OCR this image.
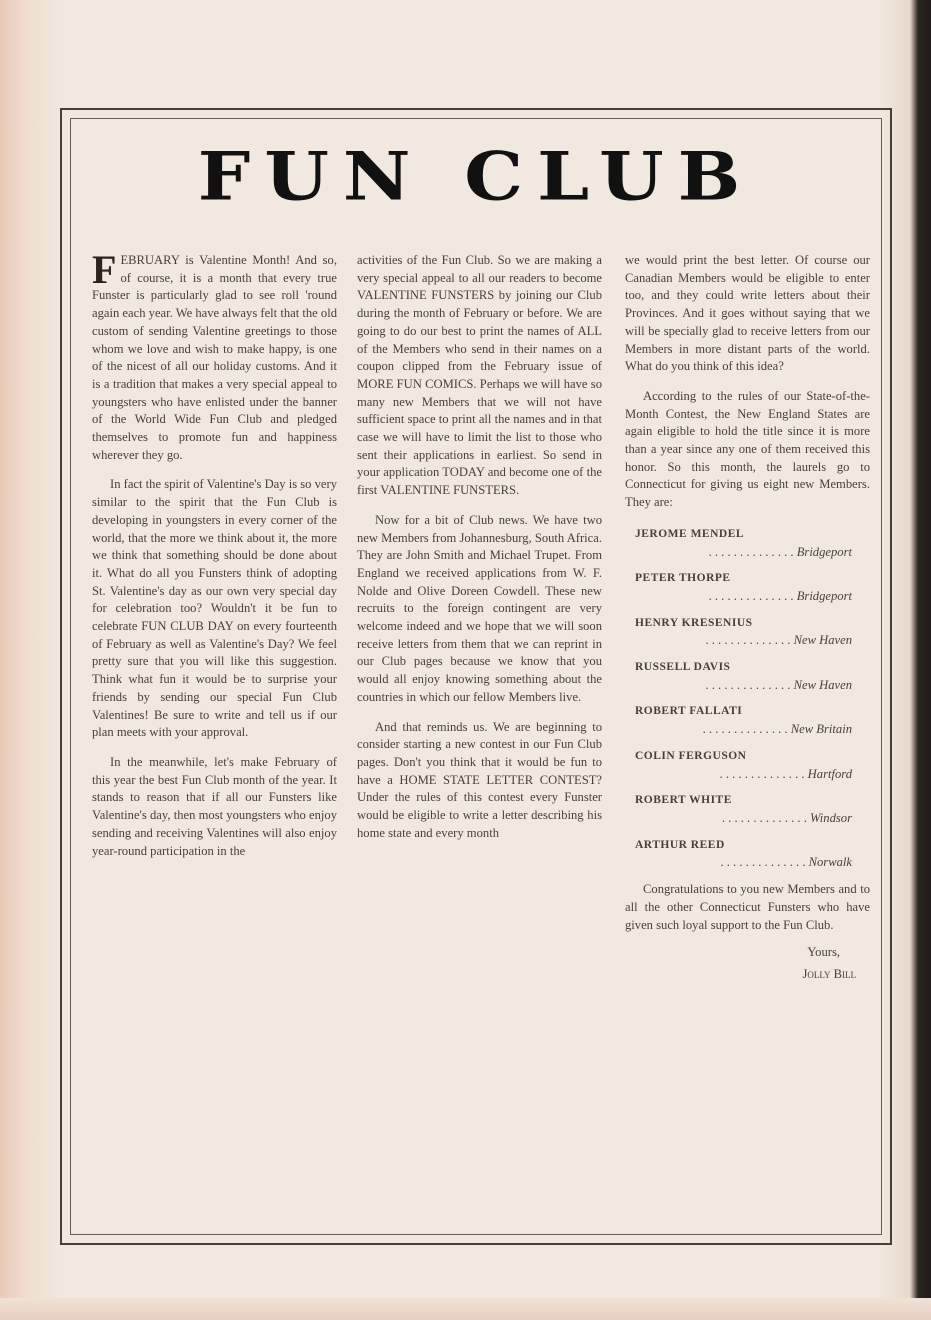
FUN CLUB

FEBRUARY is Valentine Month! And so, of course, it is a month that every true Funster is particularly glad to see roll 'round again each year. We have always felt that the old custom of sending Valentine greetings to those whom we love and wish to make happy, is one of the nicest of all our holiday customs. And it is a tradition that makes a very special appeal to youngsters who have enlisted under the banner of the World Wide Fun Club and pledged themselves to promote fun and happiness wherever they go.

In fact the spirit of Valentine's Day is so very similar to the spirit that the Fun Club is developing in youngsters in every corner of the world, that the more we think about it, the more we think that something should be done about it. What do all you Funsters think of adopting St. Valentine's day as our own very special day for celebration too? Wouldn't it be fun to celebrate FUN CLUB DAY on every fourteenth of February as well as Valentine's Day? We feel pretty sure that you will like this suggestion. Think what fun it would be to surprise your friends by sending our special Fun Club Valentines! Be sure to write and tell us if our plan meets with your approval.

In the meanwhile, let's make February of this year the best Fun Club month of the year. It stands to reason that if all our Funsters like Valentine's day, then most youngsters who enjoy sending and receiving Valentines will also enjoy year-round participation in the

activities of the Fun Club. So we are making a very special appeal to all our readers to become VALENTINE FUNSTERS by joining our Club during the month of February or before. We are going to do our best to print the names of ALL of the Members who send in their names on a coupon clipped from the February issue of MORE FUN COMICS. Perhaps we will have so many new Members that we will not have sufficient space to print all the names and in that case we will have to limit the list to those who sent their applications in earliest. So send in your application TODAY and become one of the first VALENTINE FUNSTERS.

Now for a bit of Club news. We have two new Members from Johannesburg, South Africa. They are John Smith and Michael Trupet. From England we received applications from W. F. Nolde and Olive Doreen Cowdell. These new recruits to the foreign contingent are very welcome indeed and we hope that we will soon receive letters from them that we can reprint in our Club pages because we know that you would all enjoy knowing something about the countries in which our fellow Members live.

And that reminds us. We are beginning to consider starting a new contest in our Fun Club pages. Don't you think that it would be fun to have a HOME STATE LETTER CONTEST? Under the rules of this contest every Funster would be eligible to write a letter describing his home state and every month

we would print the best letter. Of course our Canadian Members would be eligible to enter too, and they could write letters about their Provinces. And it goes without saying that we will be specially glad to receive letters from our Members in more distant parts of the world. What do you think of this idea?

According to the rules of our State-of-the-Month Contest, the New England States are again eligible to hold the title since it is more than a year since any one of them received this honor. So this month, the laurels go to Connecticut for giving us eight new Members. They are:

JEROME MENDEL
. . . Bridgeport
PETER THORPE
. . . Bridgeport
HENRY KRESENIUS
. . . New Haven
RUSSELL DAVIS
. . . New Haven
ROBERT FALLATI
. . . New Britain
COLIN FERGUSON
. . . Hartford
ROBERT WHITE
. . . Windsor
ARTHUR REED
. . . Norwalk

Congratulations to you new Members and to all the other Connecticut Funsters who have given such loyal support to the Fun Club.

Yours,
Jolly Bill
